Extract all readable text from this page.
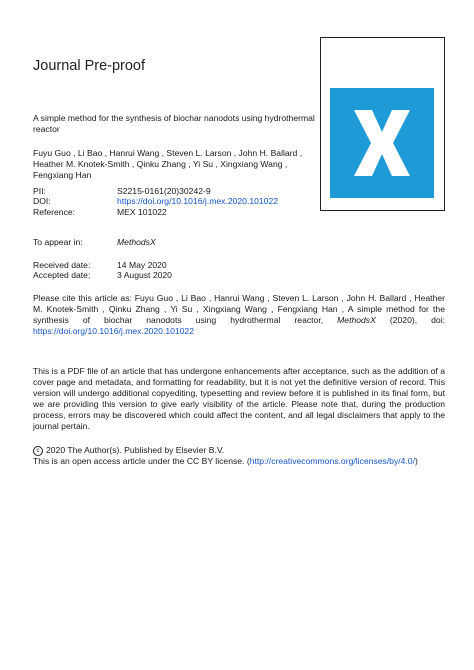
Journal Pre-proof
A simple method for the synthesis of biochar nanodots using hydrothermal reactor
Fuyu Guo , Li Bao , Hanrui Wang , Steven L. Larson , John H. Ballard , Heather M. Knotek-Smith , Qinku Zhang , Yi Su , Xingxiang Wang , Fengxiang Han
PII:	S2215-0161(20)30242-9
DOI:	https://doi.org/10.1016/j.mex.2020.101022
Reference:	MEX 101022
To appear in:	MethodsX
Received date:	14 May 2020
Accepted date:	3 August 2020
Please cite this article as: Fuyu Guo , Li Bao , Hanrui Wang , Steven L. Larson , John H. Ballard , Heather M. Knotek-Smith , Qinku Zhang , Yi Su , Xingxiang Wang , Fengxiang Han , A simple method for the synthesis of biochar nanodots using hydrothermal reactor, MethodsX (2020), doi: https://doi.org/10.1016/j.mex.2020.101022
This is a PDF file of an article that has undergone enhancements after acceptance, such as the addition of a cover page and metadata, and formatting for readability, but it is not yet the definitive version of record. This version will undergo additional copyediting, typesetting and review before it is published in its final form, but we are providing this version to give early visibility of the article. Please note that, during the production process, errors may be discovered which could affect the content, and all legal disclaimers that apply to the journal pertain.
c 2020 The Author(s). Published by Elsevier B.V.
This is an open access article under the CC BY license. (http://creativecommons.org/licenses/by/4.0/)
